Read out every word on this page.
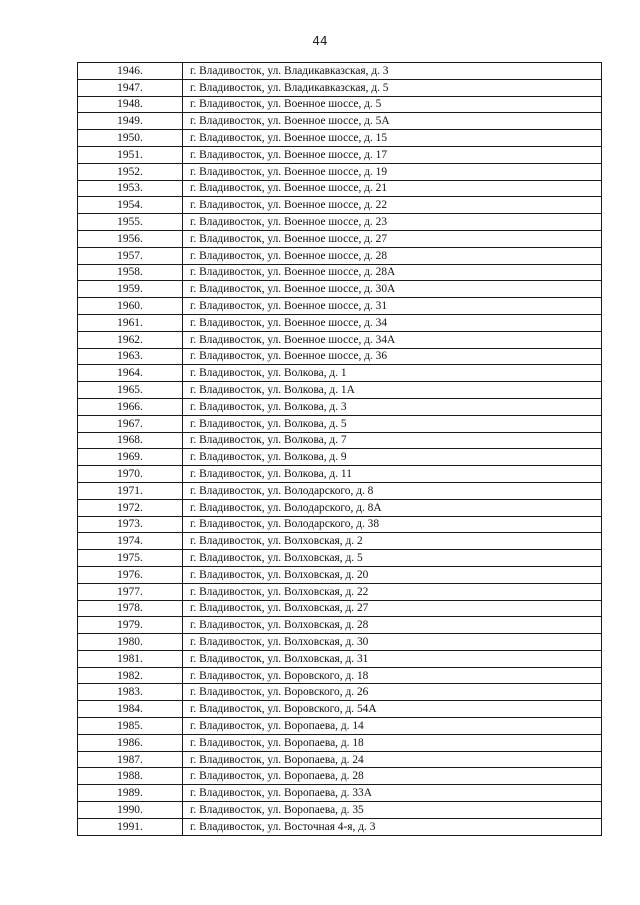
44
1946.	г. Владивосток, ул. Владикавказская, д. 3
1947.	г. Владивосток, ул. Владикавказская, д. 5
1948.	г. Владивосток, ул. Военное шоссе, д. 5
1949.	г. Владивосток, ул. Военное шоссе, д. 5А
1950.	г. Владивосток, ул. Военное шоссе, д. 15
1951.	г. Владивосток, ул. Военное шоссе, д. 17
1952.	г. Владивосток, ул. Военное шоссе, д. 19
1953.	г. Владивосток, ул. Военное шоссе, д. 21
1954.	г. Владивосток, ул. Военное шоссе, д. 22
1955.	г. Владивосток, ул. Военное шоссе, д. 23
1956.	г. Владивосток, ул. Военное шоссе, д. 27
1957.	г. Владивосток, ул. Военное шоссе, д. 28
1958.	г. Владивосток, ул. Военное шоссе, д. 28А
1959.	г. Владивосток, ул. Военное шоссе, д. 30А
1960.	г. Владивосток, ул. Военное шоссе, д. 31
1961.	г. Владивосток, ул. Военное шоссе, д. 34
1962.	г. Владивосток, ул. Военное шоссе, д. 34А
1963.	г. Владивосток, ул. Военное шоссе, д. 36
1964.	г. Владивосток, ул. Волкова, д. 1
1965.	г. Владивосток, ул. Волкова, д. 1А
1966.	г. Владивосток, ул. Волкова, д. 3
1967.	г. Владивосток, ул. Волкова, д. 5
1968.	г. Владивосток, ул. Волкова, д. 7
1969.	г. Владивосток, ул. Волкова, д. 9
1970.	г. Владивосток, ул. Волкова, д. 11
1971.	г. Владивосток, ул. Володарского, д. 8
1972.	г. Владивосток, ул. Володарского, д. 8А
1973.	г. Владивосток, ул. Володарского, д. 38
1974.	г. Владивосток, ул. Волховская, д. 2
1975.	г. Владивосток, ул. Волховская, д. 5
1976.	г. Владивосток, ул. Волховская, д. 20
1977.	г. Владивосток, ул. Волховская, д. 22
1978.	г. Владивосток, ул. Волховская, д. 27
1979.	г. Владивосток, ул. Волховская, д. 28
1980.	г. Владивосток, ул. Волховская, д. 30
1981.	г. Владивосток, ул. Волховская, д. 31
1982.	г. Владивосток, ул. Воровского, д. 18
1983.	г. Владивосток, ул. Воровского, д. 26
1984.	г. Владивосток, ул. Воровского, д. 54А
1985.	г. Владивосток, ул. Воропаева, д. 14
1986.	г. Владивосток, ул. Воропаева, д. 18
1987.	г. Владивосток, ул. Воропаева, д. 24
1988.	г. Владивосток, ул. Воропаева, д. 28
1989.	г. Владивосток, ул. Воропаева, д. 33А
1990.	г. Владивосток, ул. Воропаева, д. 35
1991.	г. Владивосток, ул. Восточная 4-я, д. 3
